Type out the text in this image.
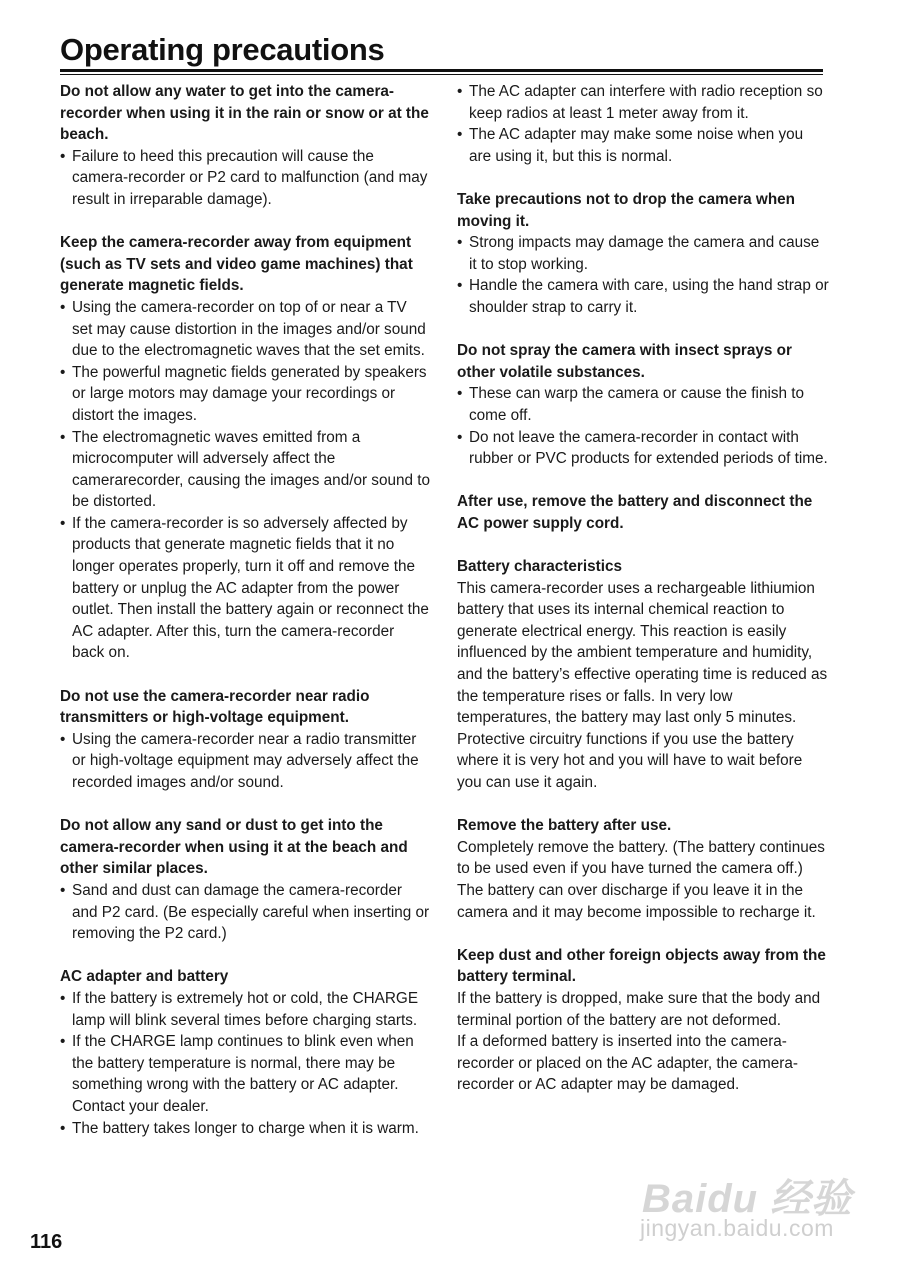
Operating precautions
Do not allow any water to get into the camera-recorder when using it in the rain or snow or at the beach.
• Failure to heed this precaution will cause the camera-recorder or P2 card to malfunction (and may result in irreparable damage).
Keep the camera-recorder away from equipment (such as TV sets and video game machines) that generate magnetic fields.
• Using the camera-recorder on top of or near a TV set may cause distortion in the images and/or sound due to the electromagnetic waves that the set emits.
• The powerful magnetic fields generated by speakers or large motors may damage your recordings or distort the images.
• The electromagnetic waves emitted from a microcomputer will adversely affect the camerarecorder, causing the images and/or sound to be distorted.
• If the camera-recorder is so adversely affected by products that generate magnetic fields that it no longer operates properly, turn it off and remove the battery or unplug the AC adapter from the power outlet. Then install the battery again or reconnect the AC adapter. After this, turn the camera-recorder back on.
Do not use the camera-recorder near radio transmitters or high-voltage equipment.
• Using the camera-recorder near a radio transmitter or high-voltage equipment may adversely affect the recorded images and/or sound.
Do not allow any sand or dust to get into the camera-recorder when using it at the beach and other similar places.
• Sand and dust can damage the camera-recorder and P2 card. (Be especially careful when inserting or removing the P2 card.)
AC adapter and battery
• If the battery is extremely hot or cold, the CHARGE lamp will blink several times before charging starts.
• If the CHARGE lamp continues to blink even when the battery temperature is normal, there may be something wrong with the battery or AC adapter. Contact your dealer.
• The battery takes longer to charge when it is warm.
• The AC adapter can interfere with radio reception so keep radios at least 1 meter away from it.
• The AC adapter may make some noise when you are using it, but this is normal.
Take precautions not to drop the camera when moving it.
• Strong impacts may damage the camera and cause it to stop working.
• Handle the camera with care, using the hand strap or shoulder strap to carry it.
Do not spray the camera with insect sprays or other volatile substances.
• These can warp the camera or cause the finish to come off.
• Do not leave the camera-recorder in contact with rubber or PVC products for extended periods of time.
After use, remove the battery and disconnect the AC power supply cord.
Battery characteristics
This camera-recorder uses a rechargeable lithiumion battery that uses its internal chemical reaction to generate electrical energy. This reaction is easily influenced by the ambient temperature and humidity, and the battery’s effective operating time is reduced as the temperature rises or falls. In very low temperatures, the battery may last only 5 minutes.
Protective circuitry functions if you use the battery where it is very hot and you will have to wait before you can use it again.
Remove the battery after use.
Completely remove the battery. (The battery continues to be used even if you have turned the camera off.) The battery can over discharge if you leave it in the camera and it may become impossible to recharge it.
Keep dust and other foreign objects away from the battery terminal.
If the battery is dropped, make sure that the body and terminal portion of the battery are not deformed.
If a deformed battery is inserted into the camera-recorder or placed on the AC adapter, the camera-recorder or AC adapter may be damaged.
116
Baidu 经验
jingyan.baidu.com
